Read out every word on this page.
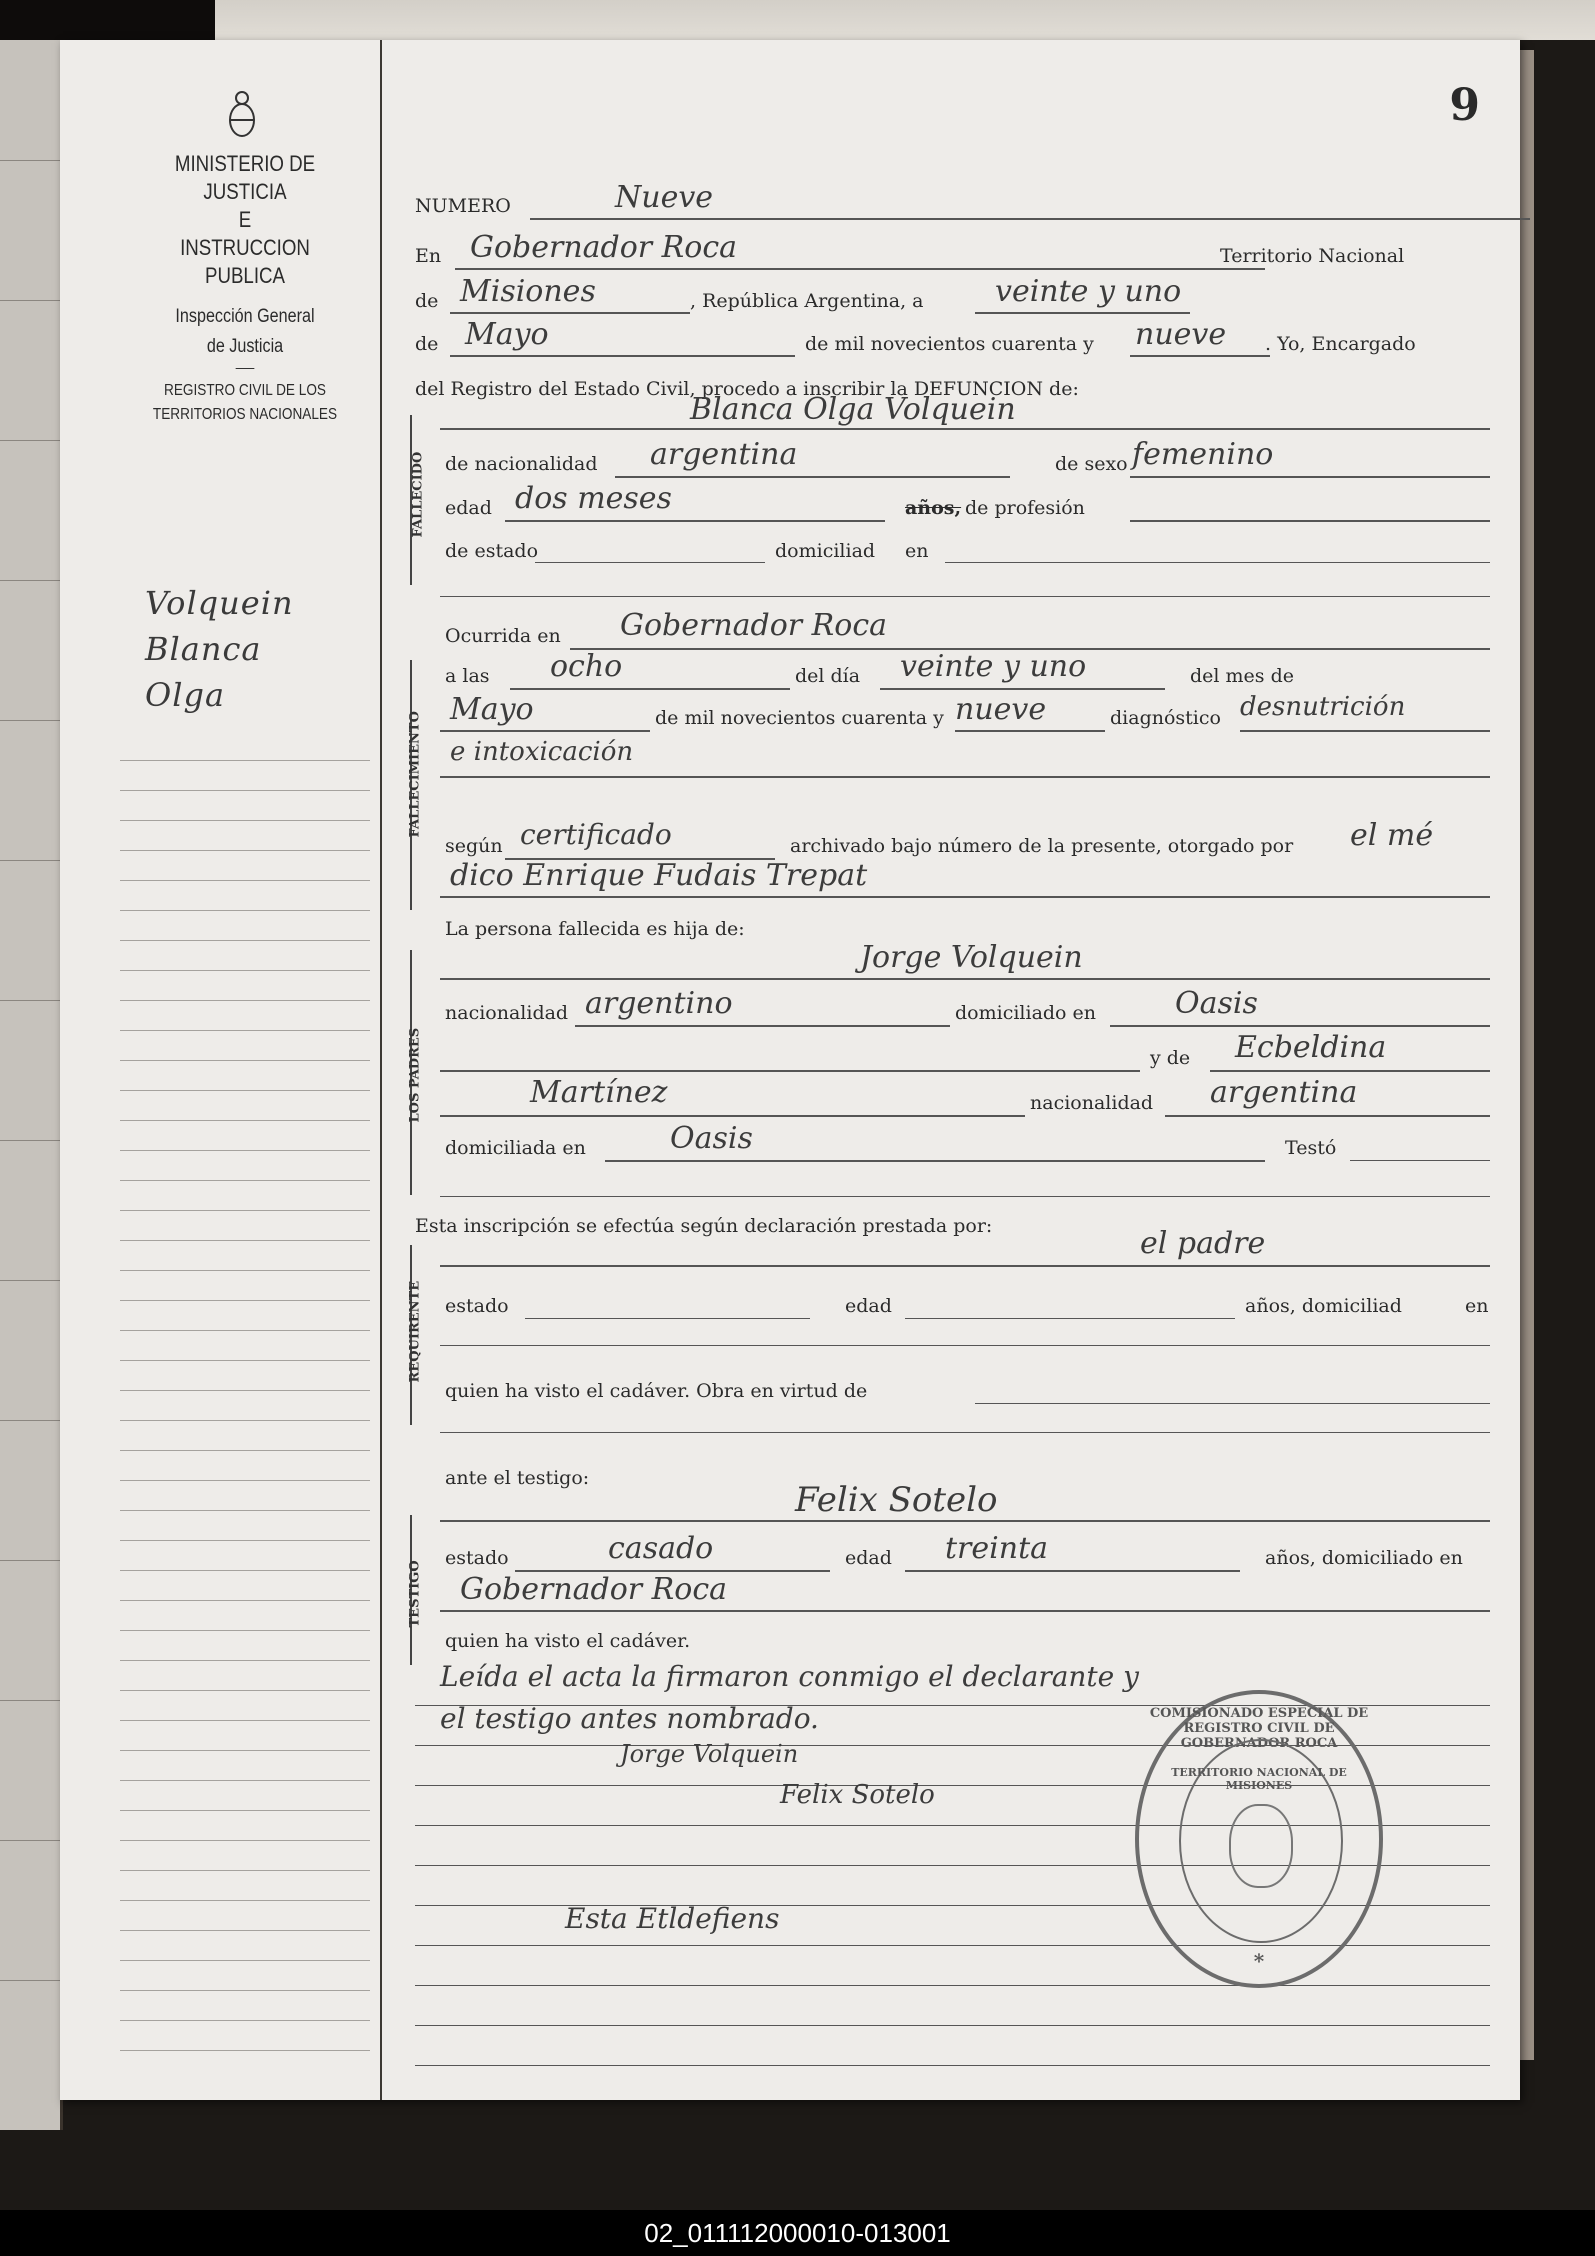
MINISTERIO DE JUSTICIA
E
INSTRUCCION PUBLICA
Inspección General
de Justicia
REGISTRO CIVIL DE LOS
TERRITORIOS NACIONALES
Volquein
Blanca
Olga
9
NUMERO	Nueve
En Gobernador Roca	Territorio Nacional
de Misiones	, República Argentina, a veinte y uno
de Mayo	de mil novecientos cuarenta y nueve . Yo, Encargado
del Registro del Estado Civil, procedo a inscribir la DEFUNCION de:
FALLECIDO
Blanca Olga Volquein
de nacionalidad argentina	de sexo femenino
edad dos meses	años, de profesión
de estado	domiciliad en
Ocurrida en Gobernador Roca
FALLECIMIENTO
a las ocho	del día veinte y uno	del mes de
Mayo	de mil novecientos cuarenta y nueve	diagnóstico desnutrición
e intoxicación
según certificado	archivado bajo número de la presente, otorgado por el mé
dico Enrique Fudais Trepat
La persona fallecida es hija de:
LOS PADRES
Jorge Volquein
nacionalidad argentino	domiciliado en	Oasis
y de Ecbeldina
Martínez	nacionalidad argentina
domiciliada en	Oasis	Testó
Esta inscripción se efectúa según declaración prestada por:
REQUIRENTE
el padre
estado	edad	años, domiciliad	en
quien ha visto el cadáver. Obra en virtud de
ante el testigo:
TESTIGO
Felix Sotelo
estado	casado	edad treinta	años, domiciliado en
Gobernador Roca
quien ha visto el cadáver.
Leída el acta la firmaron conmigo el declarante y
el testigo antes nombrado.
Jorge Volquein
Felix Sotelo
Esta Etldefiens
COMISIONADO ESPECIAL DE REGISTRO CIVIL DE GOBERNADOR ROCA
TERRITORIO NACIONAL DE MISIONES
*
02_011112000010-013001
